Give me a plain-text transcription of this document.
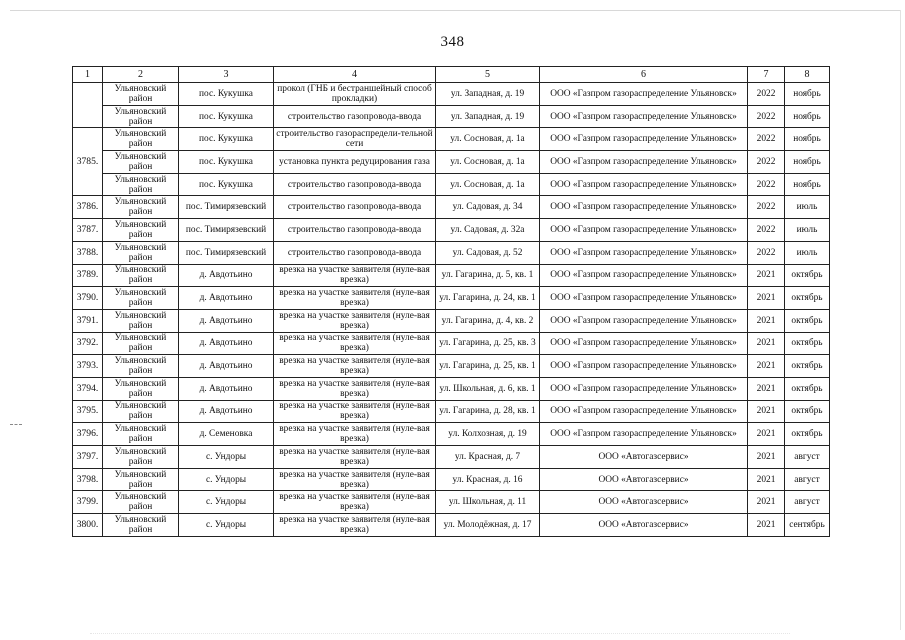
348
1	2	3	4	5	6	7	8
	Ульяновский район	пос. Кукушка	прокол (ГНБ и бестраншейный способ прокладки)	ул. Западная, д. 19	ООО «Газпром газораспределение Ульяновск»	2022	ноябрь
	Ульяновский район	пос. Кукушка	строительство газопровода-ввода	ул. Западная, д. 19	ООО «Газпром газораспределение Ульяновск»	2022	ноябрь
3785.	Ульяновский район	пос. Кукушка	строительство газораспредели-тельной сети	ул. Сосновая, д. 1а	ООО «Газпром газораспределение Ульяновск»	2022	ноябрь
	Ульяновский район	пос. Кукушка	установка пункта редуцирования газа	ул. Сосновая, д. 1а	ООО «Газпром газораспределение Ульяновск»	2022	ноябрь
	Ульяновский район	пос. Кукушка	строительство газопровода-ввода	ул. Сосновая, д. 1а	ООО «Газпром газораспределение Ульяновск»	2022	ноябрь
3786.	Ульяновский район	пос. Тимирязевский	строительство газопровода-ввода	ул. Садовая, д. 34	ООО «Газпром газораспределение Ульяновск»	2022	июль
3787.	Ульяновский район	пос. Тимирязевский	строительство газопровода-ввода	ул. Садовая, д. 32а	ООО «Газпром газораспределение Ульяновск»	2022	июль
3788.	Ульяновский район	пос. Тимирязевский	строительство газопровода-ввода	ул. Садовая, д. 52	ООО «Газпром газораспределение Ульяновск»	2022	июль
3789.	Ульяновский район	д. Авдотьино	врезка на участке заявителя (нуле-вая врезка)	ул. Гагарина, д. 5, кв. 1	ООО «Газпром газораспределение Ульяновск»	2021	октябрь
3790.	Ульяновский район	д. Авдотьино	врезка на участке заявителя (нуле-вая врезка)	ул. Гагарина, д. 24, кв. 1	ООО «Газпром газораспределение Ульяновск»	2021	октябрь
3791.	Ульяновский район	д. Авдотьино	врезка на участке заявителя (нуле-вая врезка)	ул. Гагарина, д. 4, кв. 2	ООО «Газпром газораспределение Ульяновск»	2021	октябрь
3792.	Ульяновский район	д. Авдотьино	врезка на участке заявителя (нуле-вая врезка)	ул. Гагарина, д. 25, кв. 3	ООО «Газпром газораспределение Ульяновск»	2021	октябрь
3793.	Ульяновский район	д. Авдотьино	врезка на участке заявителя (нуле-вая врезка)	ул. Гагарина, д. 25, кв. 1	ООО «Газпром газораспределение Ульяновск»	2021	октябрь
3794.	Ульяновский район	д. Авдотьино	врезка на участке заявителя (нуле-вая врезка)	ул. Школьная, д. 6, кв. 1	ООО «Газпром газораспределение Ульяновск»	2021	октябрь
3795.	Ульяновский район	д. Авдотьино	врезка на участке заявителя (нуле-вая врезка)	ул. Гагарина, д. 28, кв. 1	ООО «Газпром газораспределение Ульяновск»	2021	октябрь
3796.	Ульяновский район	д. Семеновка	врезка на участке заявителя (нуле-вая врезка)	ул. Колхозная, д. 19	ООО «Газпром газораспределение Ульяновск»	2021	октябрь
3797.	Ульяновский район	с. Ундоры	врезка на участке заявителя (нуле-вая врезка)	ул. Красная, д. 7	ООО «Автогазсервис»	2021	август
3798.	Ульяновский район	с. Ундоры	врезка на участке заявителя (нуле-вая врезка)	ул. Красная, д. 16	ООО «Автогазсервис»	2021	август
3799.	Ульяновский район	с. Ундоры	врезка на участке заявителя (нуле-вая врезка)	ул. Школьная, д. 11	ООО «Автогазсервис»	2021	август
3800.	Ульяновский район	с. Ундоры	врезка на участке заявителя (нуле-вая врезка)	ул. Молодёжная, д. 17	ООО «Автогазсервис»	2021	сентябрь
